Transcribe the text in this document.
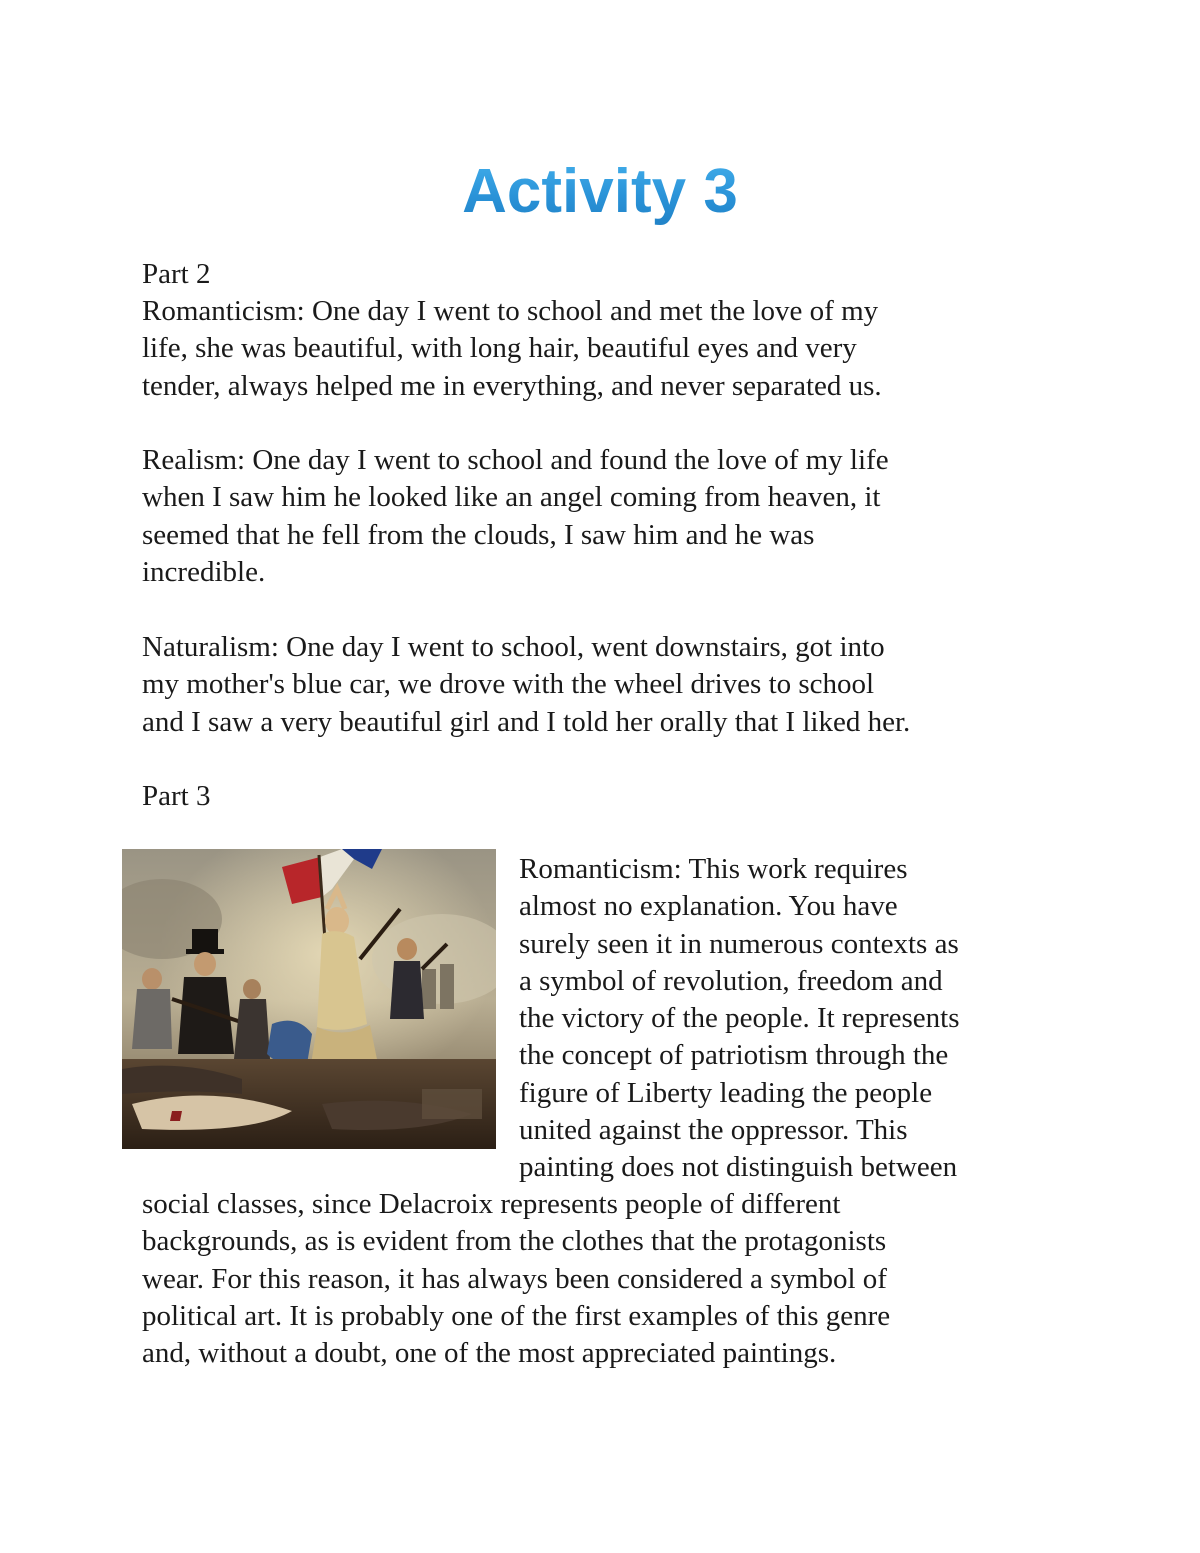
Activity 3

Part 2

Romanticism: One day I went to school and met the love of my
life, she was beautiful, with long hair, beautiful eyes and very
tender, always helped me in everything, and never separated us.

Realism: One day I went to school and found the love of my life
when I saw him he looked like an angel coming from heaven, it
seemed that he fell from the clouds, I saw him and he was
incredible.

Naturalism: One day I went to school, went downstairs, got into
my mother's blue car, we drove with the wheel drives to school
and I saw a very beautiful girl and I told her orally that I liked her.

Part 3

Romanticism: This work requires
almost no explanation. You have
surely seen it in numerous contexts as
a symbol of revolution, freedom and
the victory of the people. It represents
the concept of patriotism through the
figure of Liberty leading the people
united against the oppressor. This
painting does not distinguish between

social classes, since Delacroix represents people of different
backgrounds, as is evident from the clothes that the protagonists
wear. For this reason, it has always been considered a symbol of
political art. It is probably one of the first examples of this genre
and, without a doubt, one of the most appreciated paintings.
